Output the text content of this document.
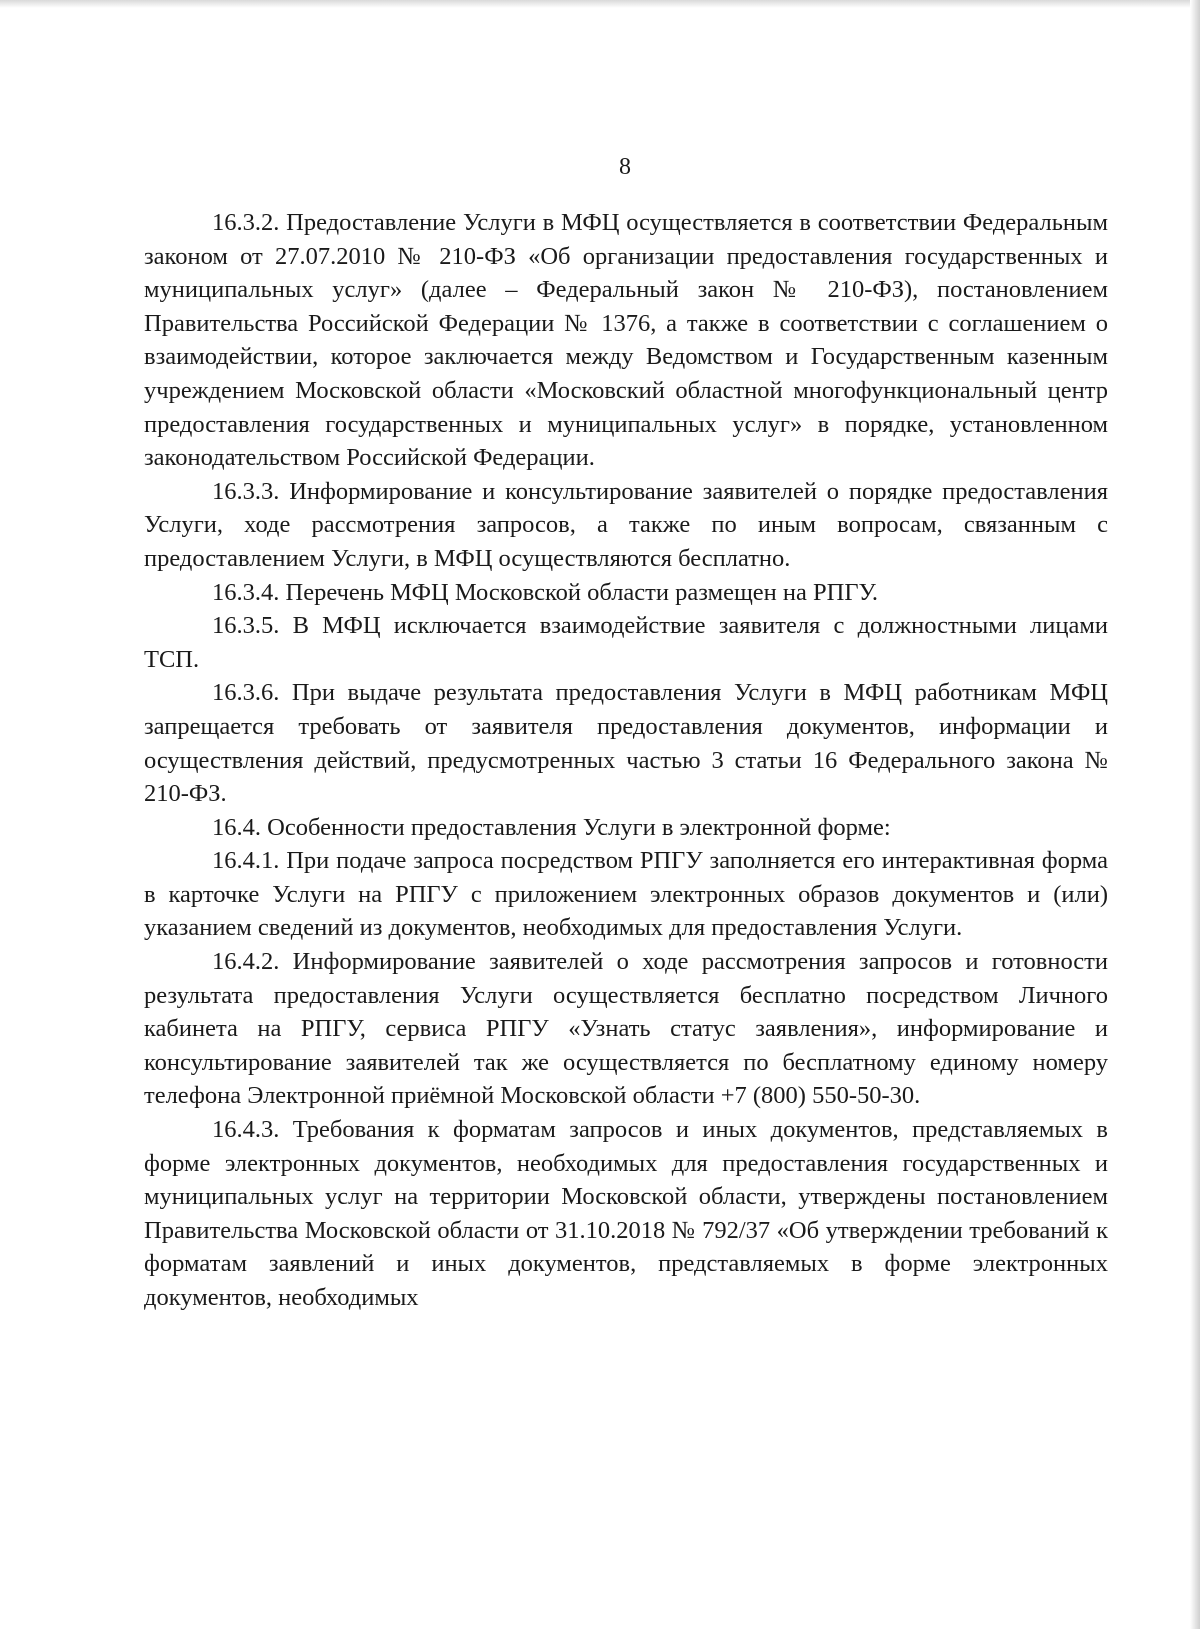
8

16.3.2. Предоставление Услуги в МФЦ осуществляется в соответствии Федеральным законом от 27.07.2010 № 210-ФЗ «Об организации предоставления государственных и муниципальных услуг» (далее – Федеральный закон № 210-ФЗ), постановлением Правительства Российской Федерации № 1376, а также в соответствии с соглашением о взаимодействии, которое заключается между Ведомством и Государственным казенным учреждением Московской области «Московский областной многофункциональный центр предоставления государственных и муниципальных услуг» в порядке, установленном законодательством Российской Федерации.

16.3.3. Информирование и консультирование заявителей о порядке предоставления Услуги, ходе рассмотрения запросов, а также по иным вопросам, связанным с предоставлением Услуги, в МФЦ осуществляются бесплатно.

16.3.4. Перечень МФЦ Московской области размещен на РПГУ.

16.3.5. В МФЦ исключается взаимодействие заявителя с должностными лицами ТСП.

16.3.6. При выдаче результата предоставления Услуги в МФЦ работникам МФЦ запрещается требовать от заявителя предоставления документов, информации и осуществления действий, предусмотренных частью 3 статьи 16 Федерального закона № 210-ФЗ.

16.4. Особенности предоставления Услуги в электронной форме:

16.4.1. При подаче запроса посредством РПГУ заполняется его интерактивная форма в карточке Услуги на РПГУ с приложением электронных образов документов и (или) указанием сведений из документов, необходимых для предоставления Услуги.

16.4.2. Информирование заявителей о ходе рассмотрения запросов и готовности результата предоставления Услуги осуществляется бесплатно посредством Личного кабинета на РПГУ, сервиса РПГУ «Узнать статус заявления», информирование и консультирование заявителей так же осуществляется по бесплатному единому номеру телефона Электронной приёмной Московской области +7 (800) 550-50-30.

16.4.3. Требования к форматам запросов и иных документов, представляемых в форме электронных документов, необходимых для предоставления государственных и муниципальных услуг на территории Московской области, утверждены постановлением Правительства Московской области от 31.10.2018 № 792/37 «Об утверждении требований к форматам заявлений и иных документов, представляемых в форме электронных документов, необходимых
